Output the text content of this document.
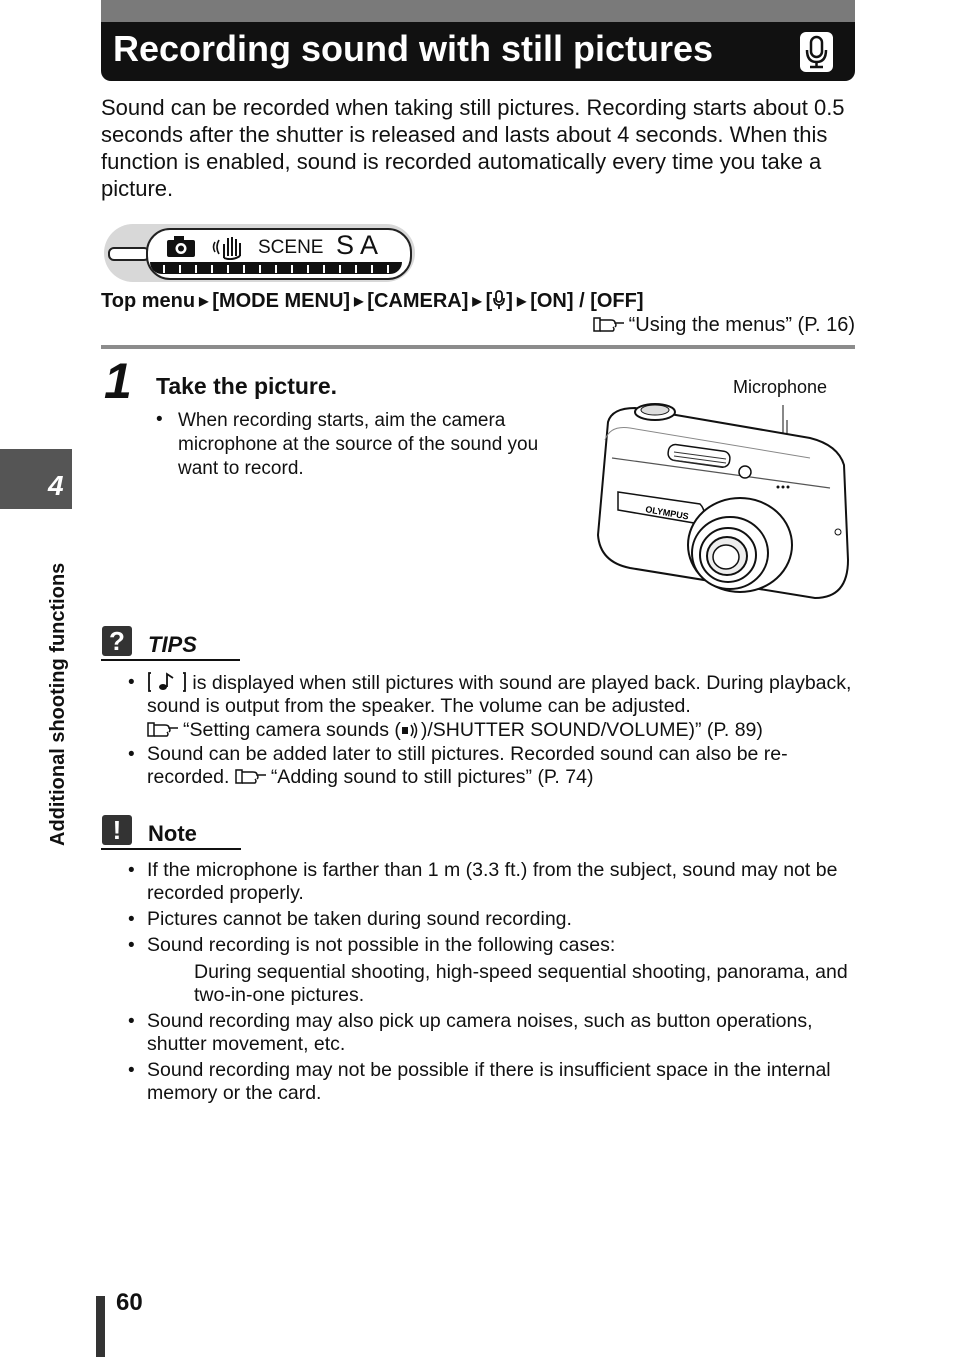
Recording sound with still pictures
Sound can be recorded when taking still pictures. Recording starts about 0.5 seconds after the shutter is released and lasts about 4 seconds. When this function is enabled, sound is recorded automatically every time you take a picture.
SCENE S A
Top menu ▶ [MODE MENU] ▶ [CAMERA] ▶ [ ] ▶ [ON] / [OFF]
“Using the menus” (P. 16)
1 Take the picture.
• When recording starts, aim the camera microphone at the source of the sound you want to record.
Microphone
OLYMPUS
4
Additional shooting functions ?	TIPS
•	is displayed when still pictures with sound are played back. During playback, sound is output from the speaker. The volume can be adjusted.
“Setting camera sounds ( )/SHUTTER SOUND/VOLUME)” (P. 89)
• Sound can be added later to still pictures. Recorded sound can also be re-recorded. “Adding sound to still pictures” (P. 74)
!	Note
• If the microphone is farther than 1 m (3.3 ft.) from the subject, sound may not be recorded properly.
• Pictures cannot be taken during sound recording.
• Sound recording is not possible in the following cases:
During sequential shooting, high-speed sequential shooting, panorama, and two-in-one pictures.
• Sound recording may also pick up camera noises, such as button operations, shutter movement, etc.
• Sound recording may not be possible if there is insufficient space in the internal memory or the card.
60
